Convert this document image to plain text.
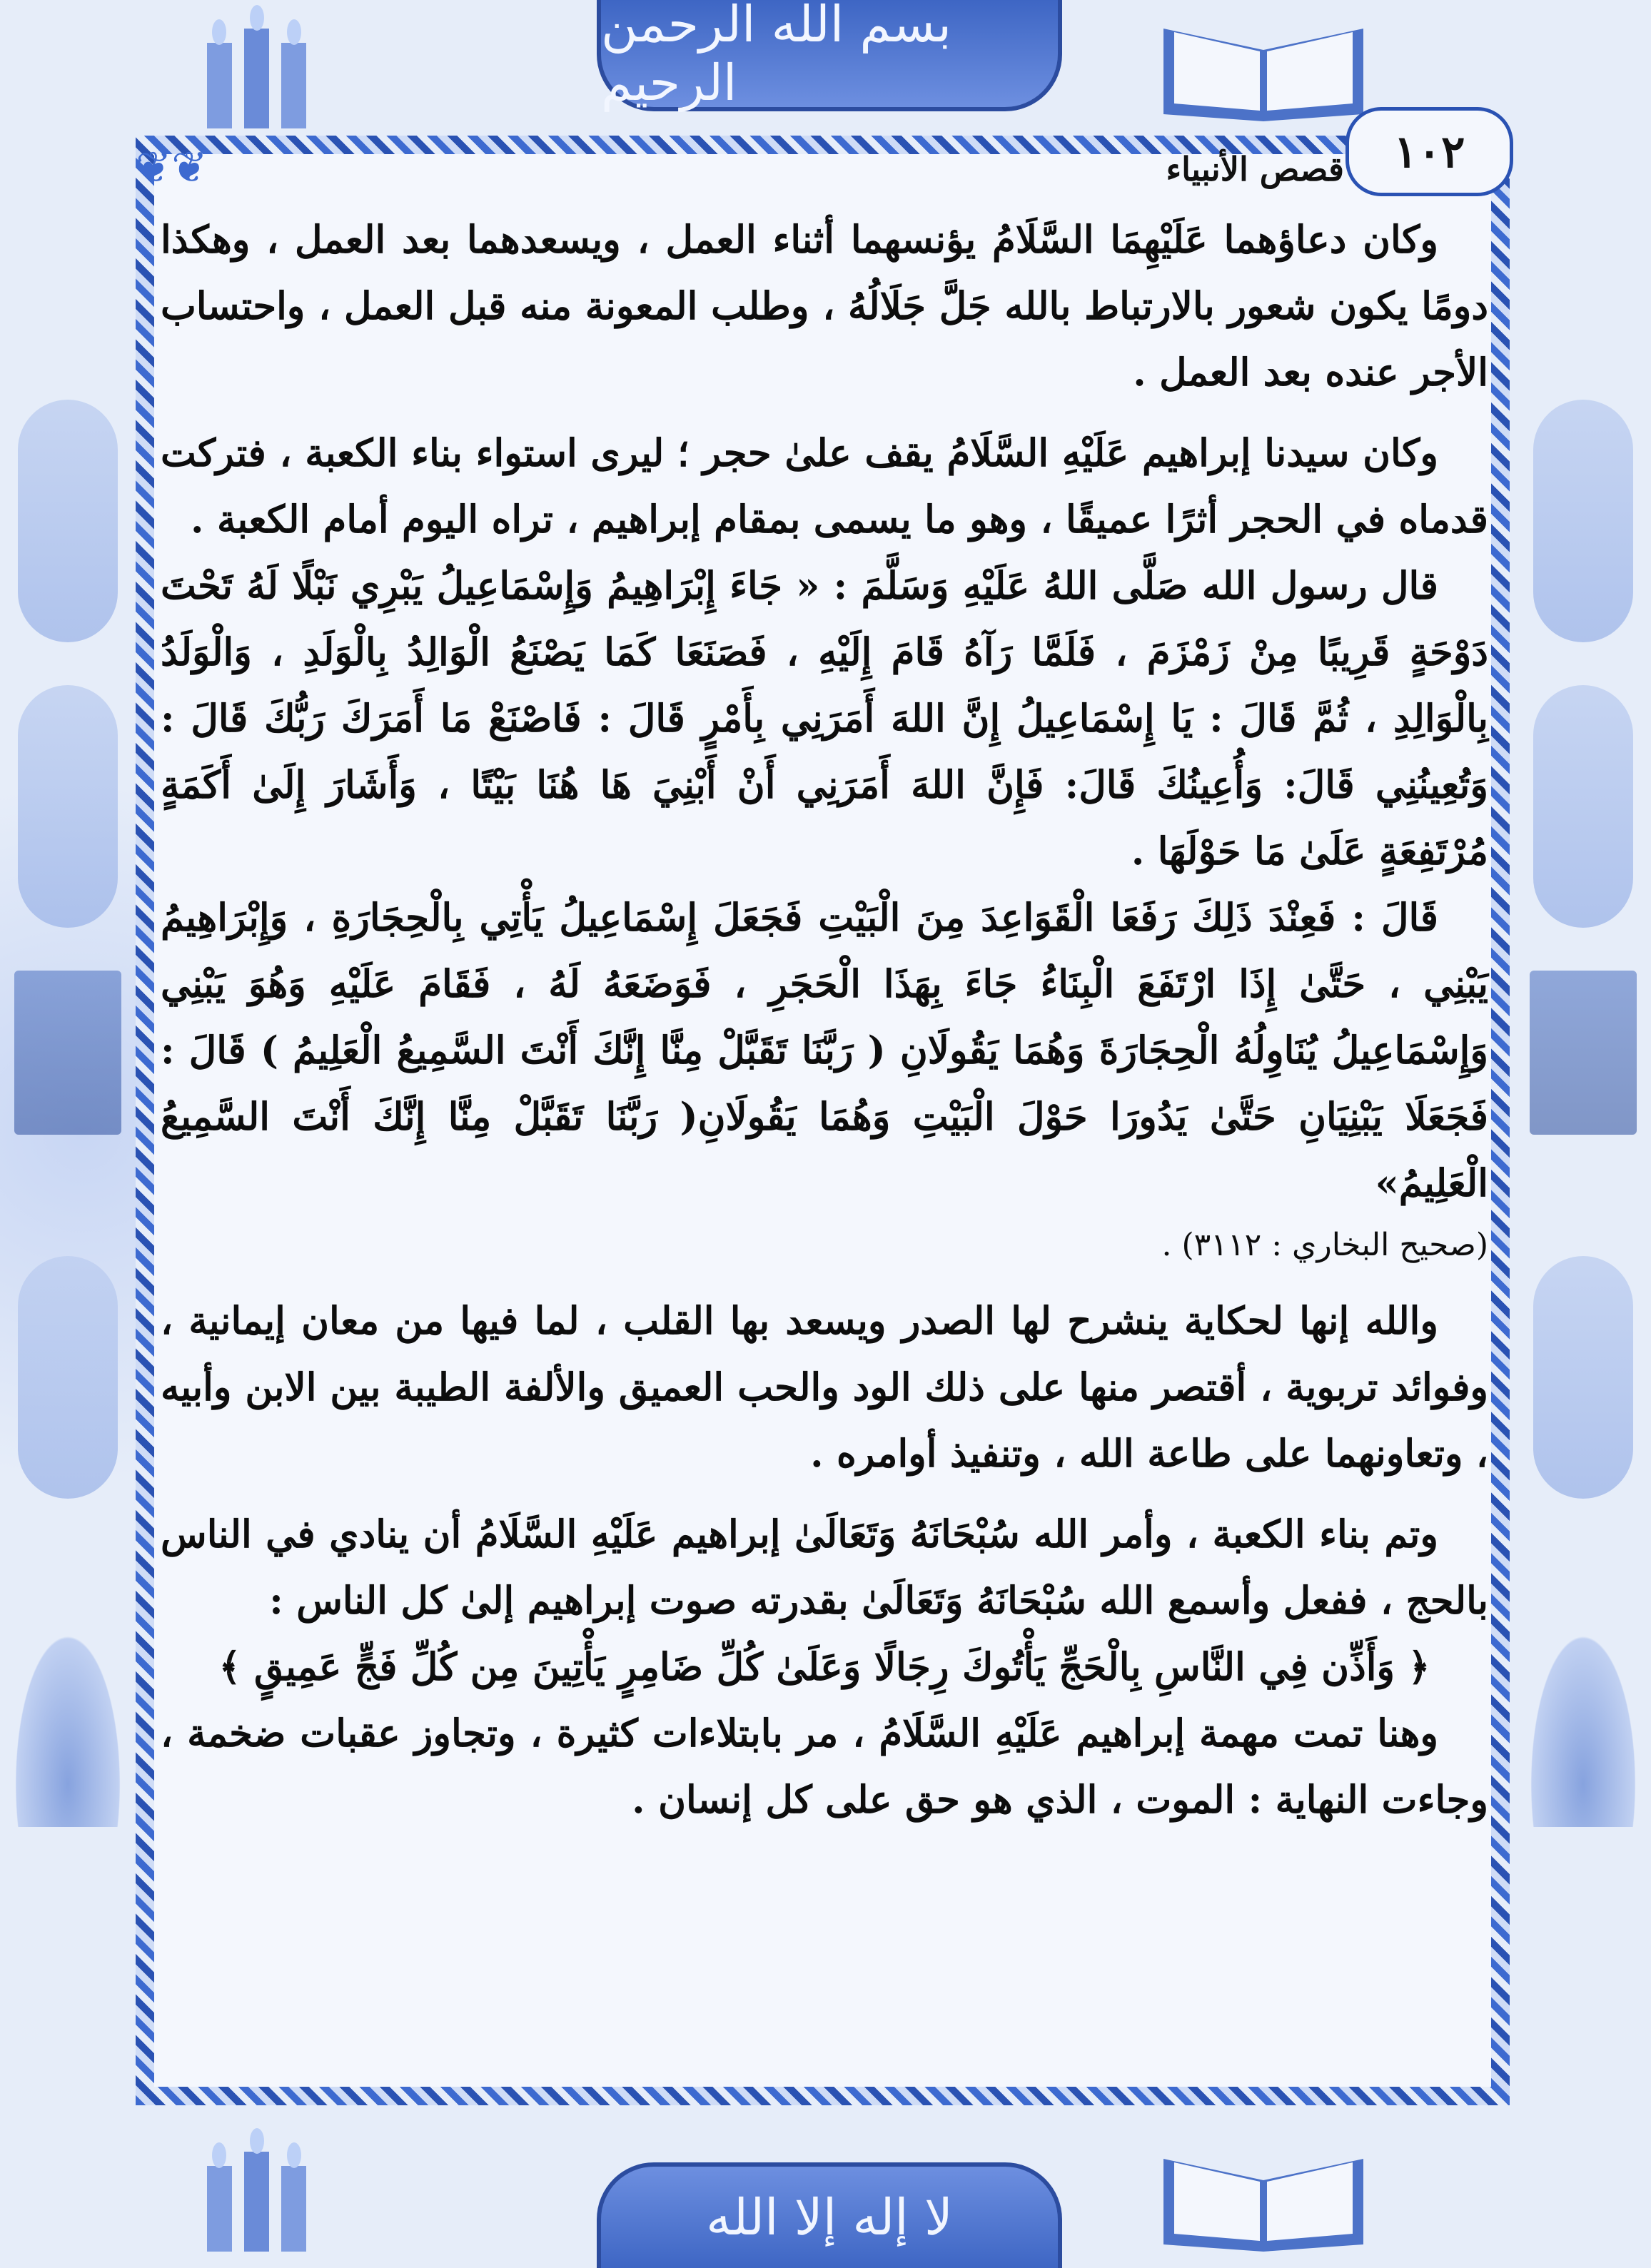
بسم الله الرحمن الرحيم
١٠٢
❦❦	قصص الأنبياء

وكان دعاؤهما عَلَيْهِمَا السَّلَامُ يؤنسهما أثناء العمل ، ويسعدهما بعد العمل ، وهكذا دومًا يكون شعور بالارتباط بالله جَلَّ جَلَالُهُ ، وطلب المعونة منه قبل العمل ، واحتساب الأجر عنده بعد العمل .

وكان سيدنا إبراهيم عَلَيْهِ السَّلَامُ يقف علىٰ حجر ؛ ليرى استواء بناء الكعبة ، فتركت قدماه في الحجر أثرًا عميقًا ، وهو ما يسمى بمقام إبراهيم ، تراه اليوم أمام الكعبة .

قال رسول الله صَلَّى اللهُ عَلَيْهِ وَسَلَّمَ : « جَاءَ إِبْرَاهِيمُ وَإِسْمَاعِيلُ يَبْرِي نَبْلًا لَهُ تَحْتَ دَوْحَةٍ قَرِيبًا مِنْ زَمْزَمَ ، فَلَمَّا رَآهُ قَامَ إِلَيْهِ ، فَصَنَعَا كَمَا يَصْنَعُ الْوَالِدُ بِالْوَلَدِ ، وَالْوَلَدُ بِالْوَالِدِ ، ثُمَّ قَالَ : يَا إِسْمَاعِيلُ إِنَّ اللهَ أَمَرَنِي بِأَمْرٍ قَالَ : فَاصْنَعْ مَا أَمَرَكَ رَبُّكَ قَالَ : وَتُعِينُنِي قَالَ: وَأُعِينُكَ قَالَ: فَإِنَّ اللهَ أَمَرَنِي أَنْ أَبْنِيَ هَا هُنَا بَيْتًا ، وَأَشَارَ إِلَىٰ أَكَمَةٍ مُرْتَفِعَةٍ عَلَىٰ مَا حَوْلَهَا .

قَالَ : فَعِنْدَ ذَلِكَ رَفَعَا الْقَوَاعِدَ مِنَ الْبَيْتِ فَجَعَلَ إِسْمَاعِيلُ يَأْتِي بِالْحِجَارَةِ ، وَإِبْرَاهِيمُ يَبْنِي ، حَتَّىٰ إِذَا ارْتَفَعَ الْبِنَاءُ جَاءَ بِهَذَا الْحَجَرِ ، فَوَضَعَهُ لَهُ ، فَقَامَ عَلَيْهِ وَهُوَ يَبْنِي وَإِسْمَاعِيلُ يُنَاوِلُهُ الْحِجَارَةَ وَهُمَا يَقُولَانِ ( رَبَّنَا تَقَبَّلْ مِنَّا إِنَّكَ أَنْتَ السَّمِيعُ الْعَلِيمُ ) قَالَ : فَجَعَلَا يَبْنِيَانِ حَتَّىٰ يَدُورَا حَوْلَ الْبَيْتِ وَهُمَا يَقُولَانِ( رَبَّنَا تَقَبَّلْ مِنَّا إِنَّكَ أَنْتَ السَّمِيعُ الْعَلِيمُ»

(صحيح البخاري : ٣١١٢) .

والله إنها لحكاية ينشرح لها الصدر ويسعد بها القلب ، لما فيها من معان إيمانية ، وفوائد تربوية ، أقتصر منها على ذلك الود والحب العميق والألفة الطيبة بين الابن وأبيه ، وتعاونهما على طاعة الله ، وتنفيذ أوامره .

وتم بناء الكعبة ، وأمر الله سُبْحَانَهُ وَتَعَالَىٰ إبراهيم عَلَيْهِ السَّلَامُ أن ينادي في الناس بالحج ، ففعل وأسمع الله سُبْحَانَهُ وَتَعَالَىٰ بقدرته صوت إبراهيم إلىٰ كل الناس :

﴿ وَأَذِّن فِي النَّاسِ بِالْحَجِّ يَأْتُوكَ رِجَالًا وَعَلَىٰ كُلِّ ضَامِرٍ يَأْتِينَ مِن كُلِّ فَجٍّ عَمِيقٍ ﴾

وهنا تمت مهمة إبراهيم عَلَيْهِ السَّلَامُ ، مر بابتلاءات كثيرة ، وتجاوز عقبات ضخمة ، وجاءت النهاية : الموت ، الذي هو حق على كل إنسان .

لا إله إلا الله
